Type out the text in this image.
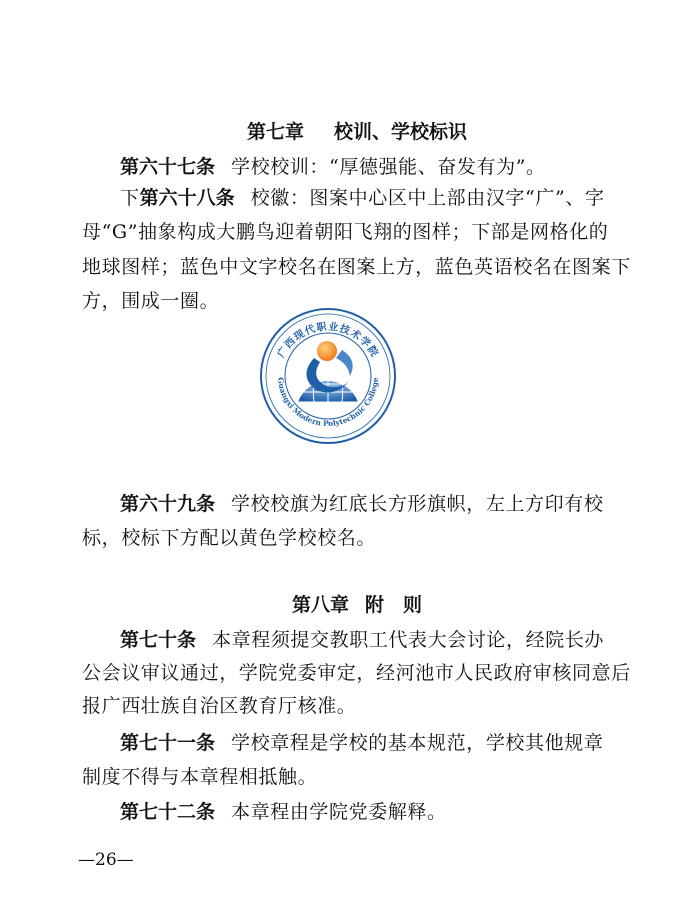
第七章 校训、学校标识
第六十七条 学校校训：“厚德强能、奋发有为”。
下第六十八条 校徽：图案中心区中上部由汉字“广”、字
母“G”抽象构成大鹏鸟迎着朝阳飞翔的图样；下部是网格化的
地球图样；蓝色中文字校名在图案上方，蓝色英语校名在图案下
方，围成一圈。
广西现代职业技术学院
Guangxi Modern Polytechnic College
第六十九条 学校校旗为红底长方形旗帜，左上方印有校
标，校标下方配以黄色学校校名。
第八章 附　则
第七十条 本章程须提交教职工代表大会讨论，经院长办
公会议审议通过，学院党委审定，经河池市人民政府审核同意后
报广西壮族自治区教育厅核准。
第七十一条 学校章程是学校的基本规范，学校其他规章
制度不得与本章程相抵触。
第七十二条 本章程由学院党委解释。
—26—
